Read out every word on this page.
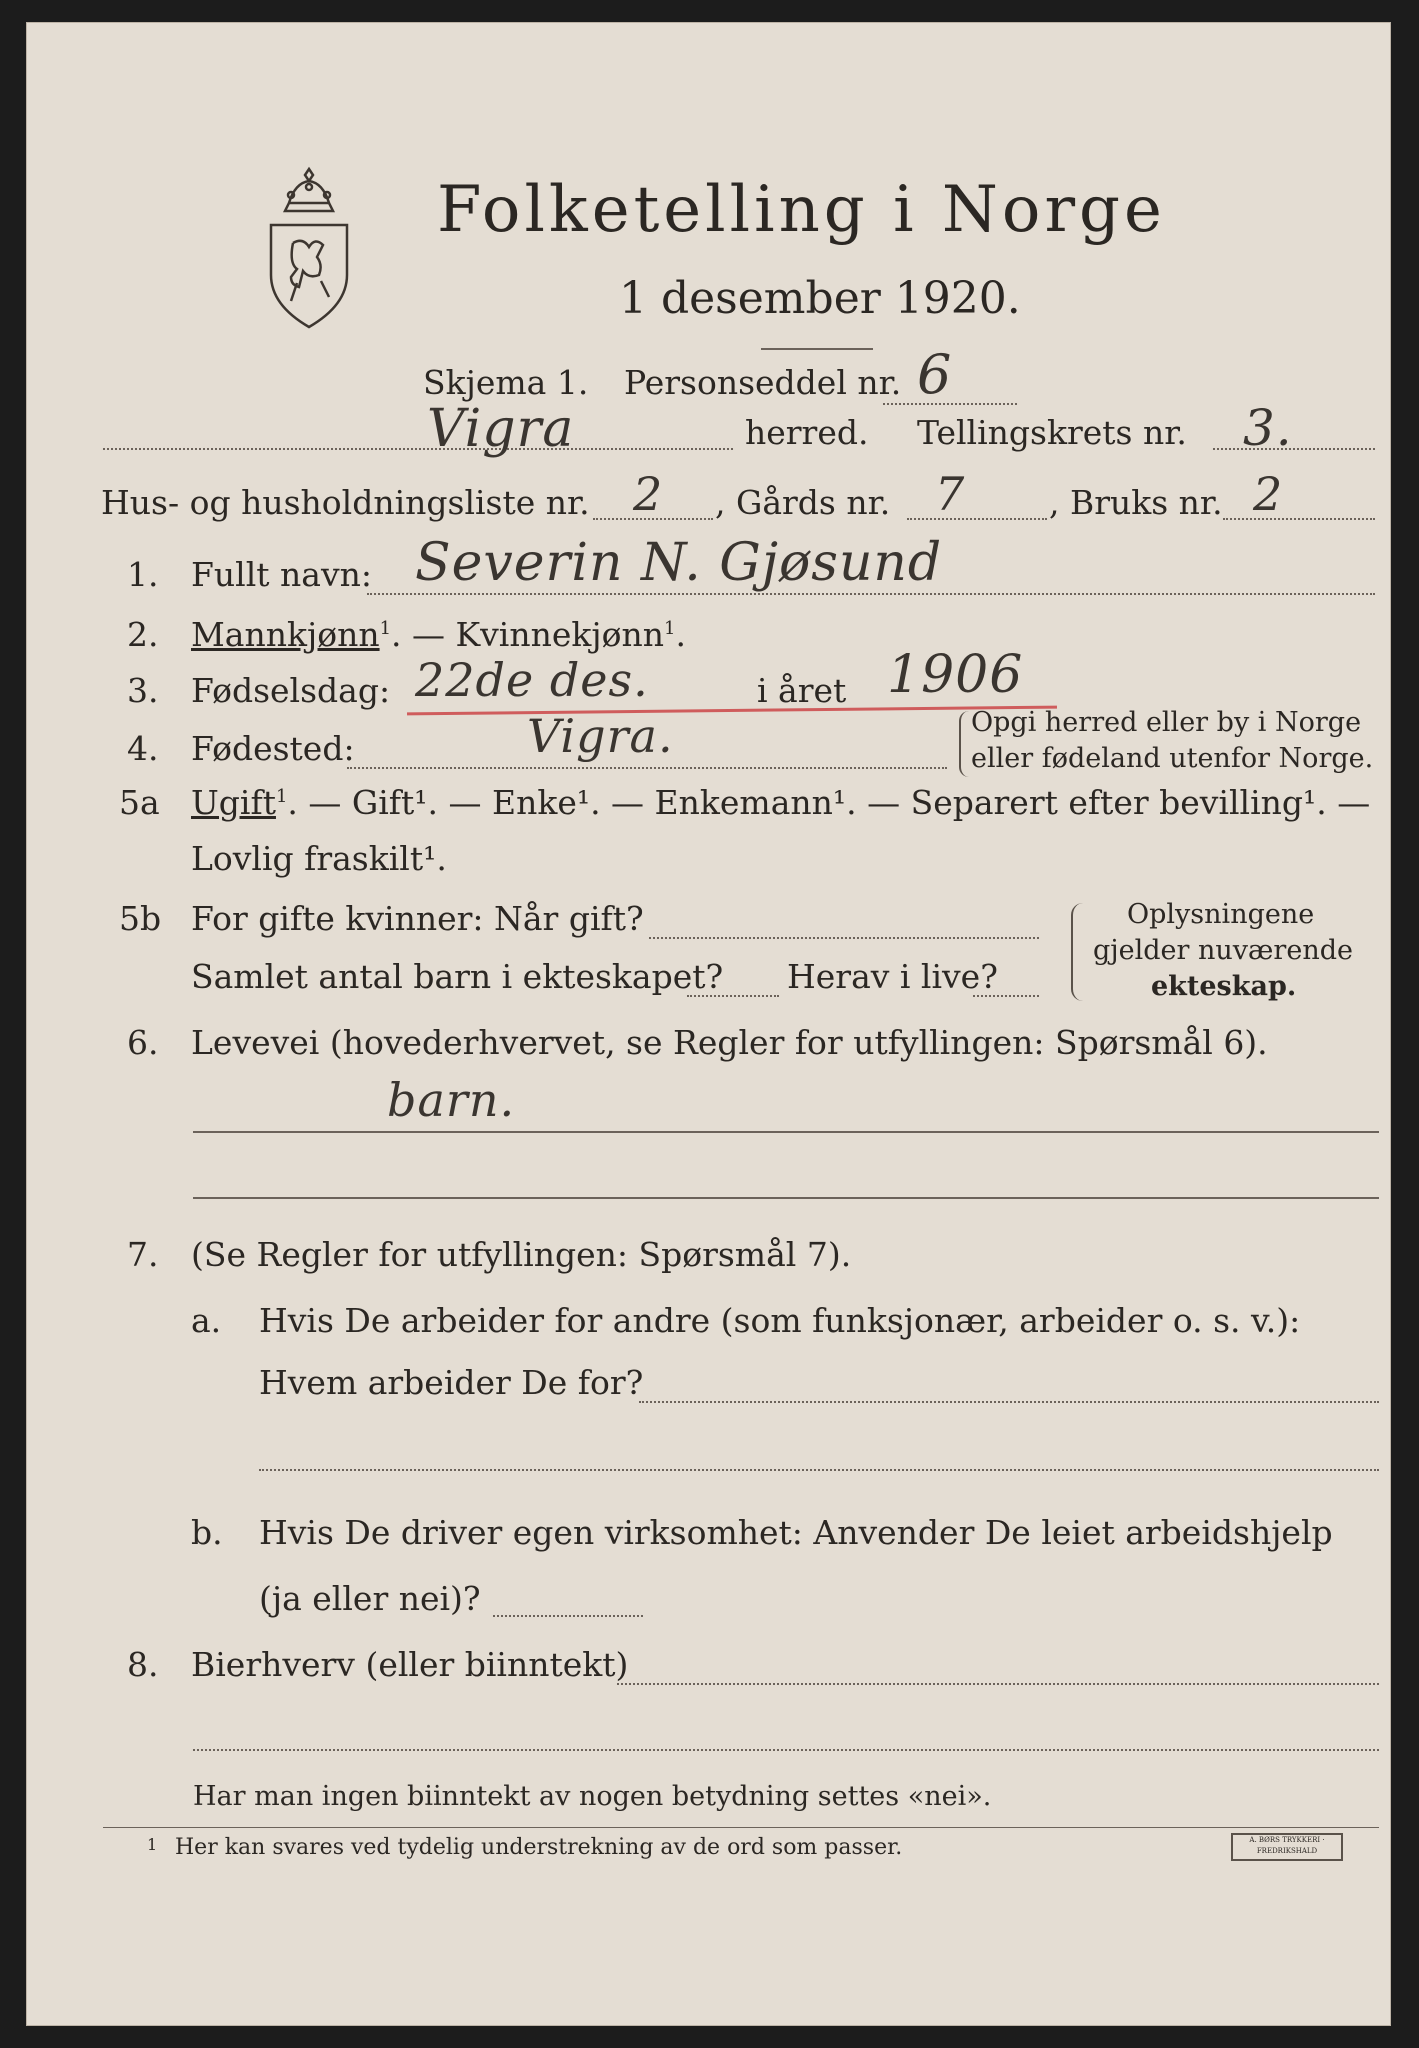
Folketelling i Norge
1 desember 1920.
Skjema 1. Personseddel nr. 6
Vigra	herred. Tellingskrets nr. 3.
Hus- og husholdningsliste nr. 2 , Gårds nr. 7	, Bruks nr. 2
1. Fullt navn: Severin N. Gjøsund
2. Mannkjønn$^1$. — Kvinnekjønn$^1$.
3. Fødselsdag: 22de des.	i året 1906
4. Fødested:	Vigra.	Opgi herred eller by i Norge
eller fødeland utenfor Norge.
5a Ugift$^1$. — Gift¹. — Enke¹. — Enkemann¹. — Separert efter bevilling¹. —
Lovlig fraskilt¹.
5b For gifte kvinner: Når gift?
Samlet antal barn i ekteskapet? Herav i live?
Oplysningene
gjelder nuværende
ekteskap.
6. Levevei (hovederhvervet, se Regler for utfyllingen: Spørsmål 6).
barn.
7. (Se Regler for utfyllingen: Spørsmål 7).
a. Hvis De arbeider for andre (som funksjonær, arbeider o. s. v.):
Hvem arbeider De for?
b. Hvis De driver egen virksomhet: Anvender De leiet arbeidshjelp
(ja eller nei)?
8. Bierhverv (eller biinntekt)
Har man ingen biinntekt av nogen betydning settes «nei».
1 Her kan svares ved tydelig understrekning av de ord som passer.	A. BØRS TRYKKERI · FREDRIKSHALD
